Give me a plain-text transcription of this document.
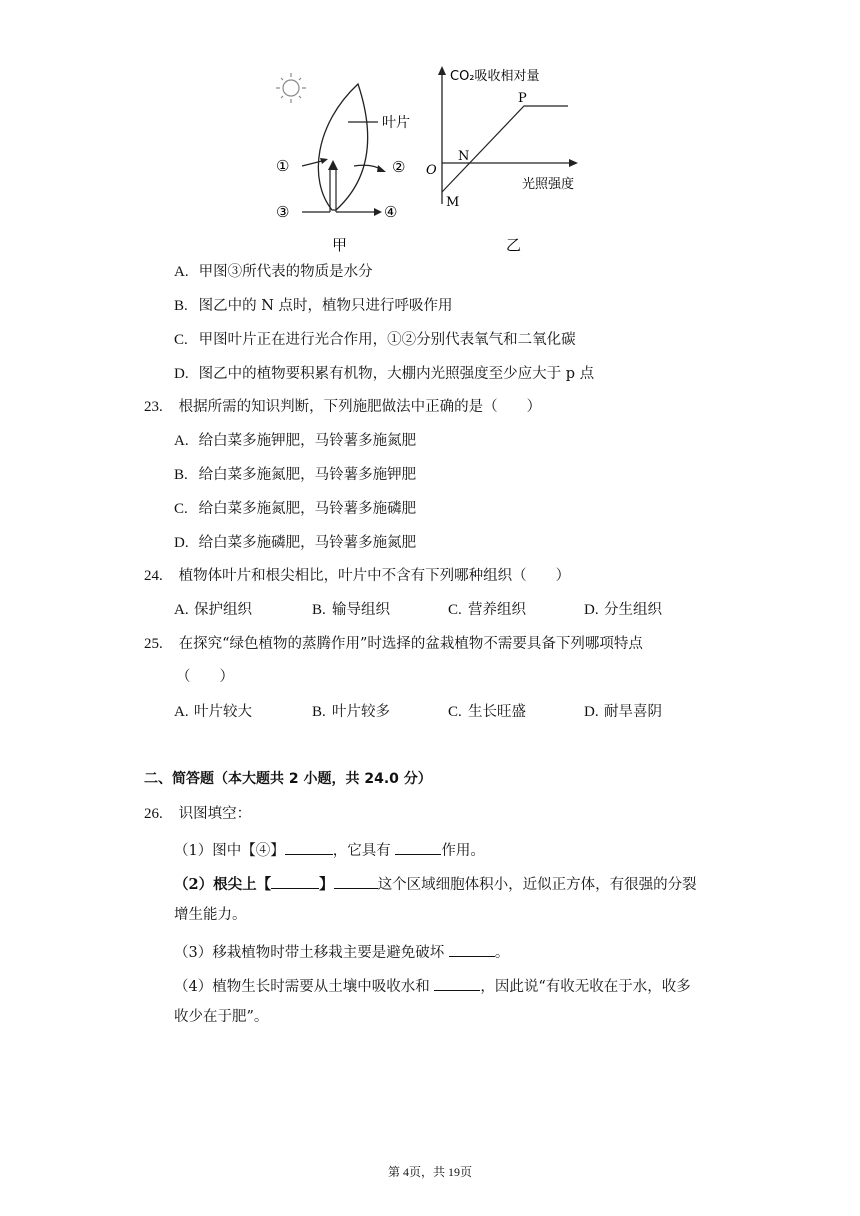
叶片
①	②
③	④
甲
CO₂吸收相对量
光照强度
O
N
M
P
乙
A. 甲图③所代表的物质是水分
B. 图乙中的 N 点时，植物只进行呼吸作用
C. 甲图叶片正在进行光合作用，①②分别代表氧气和二氧化碳
D. 图乙中的植物要积累有机物，大棚内光照强度至少应大于 p 点
23. 根据所需的知识判断，下列施肥做法中正确的是（　　）
A. 给白菜多施钾肥，马铃薯多施氮肥
B. 给白菜多施氮肥，马铃薯多施钾肥
C. 给白菜多施氮肥，马铃薯多施磷肥
D. 给白菜多施磷肥，马铃薯多施氮肥
24. 植物体叶片和根尖相比，叶片中不含有下列哪种组织（　　）
A. 保护组织	B. 输导组织	C. 营养组织	D. 分生组织
25. 在探究“绿色植物的蒸腾作用”时选择的盆栽植物不需要具备下列哪项特点
（　　）
A. 叶片较大	B. 叶片较多	C. 生长旺盛	D. 耐旱喜阴
二、简答题（本大题共 2 小题，共 24.0 分）
26. 识图填空：
（1）图中【④】	，它具有	作用。
（2）根尖上【	】	这个区域细胞体积小，近似正方体，有很强的分裂
增生能力。
（3）移栽植物时带土移栽主要是避免破坏	。
（4）植物生长时需要从土壤中吸收水和	，因此说“有收无收在于水，收多
收少在于肥”。
第 4页，共 19页
